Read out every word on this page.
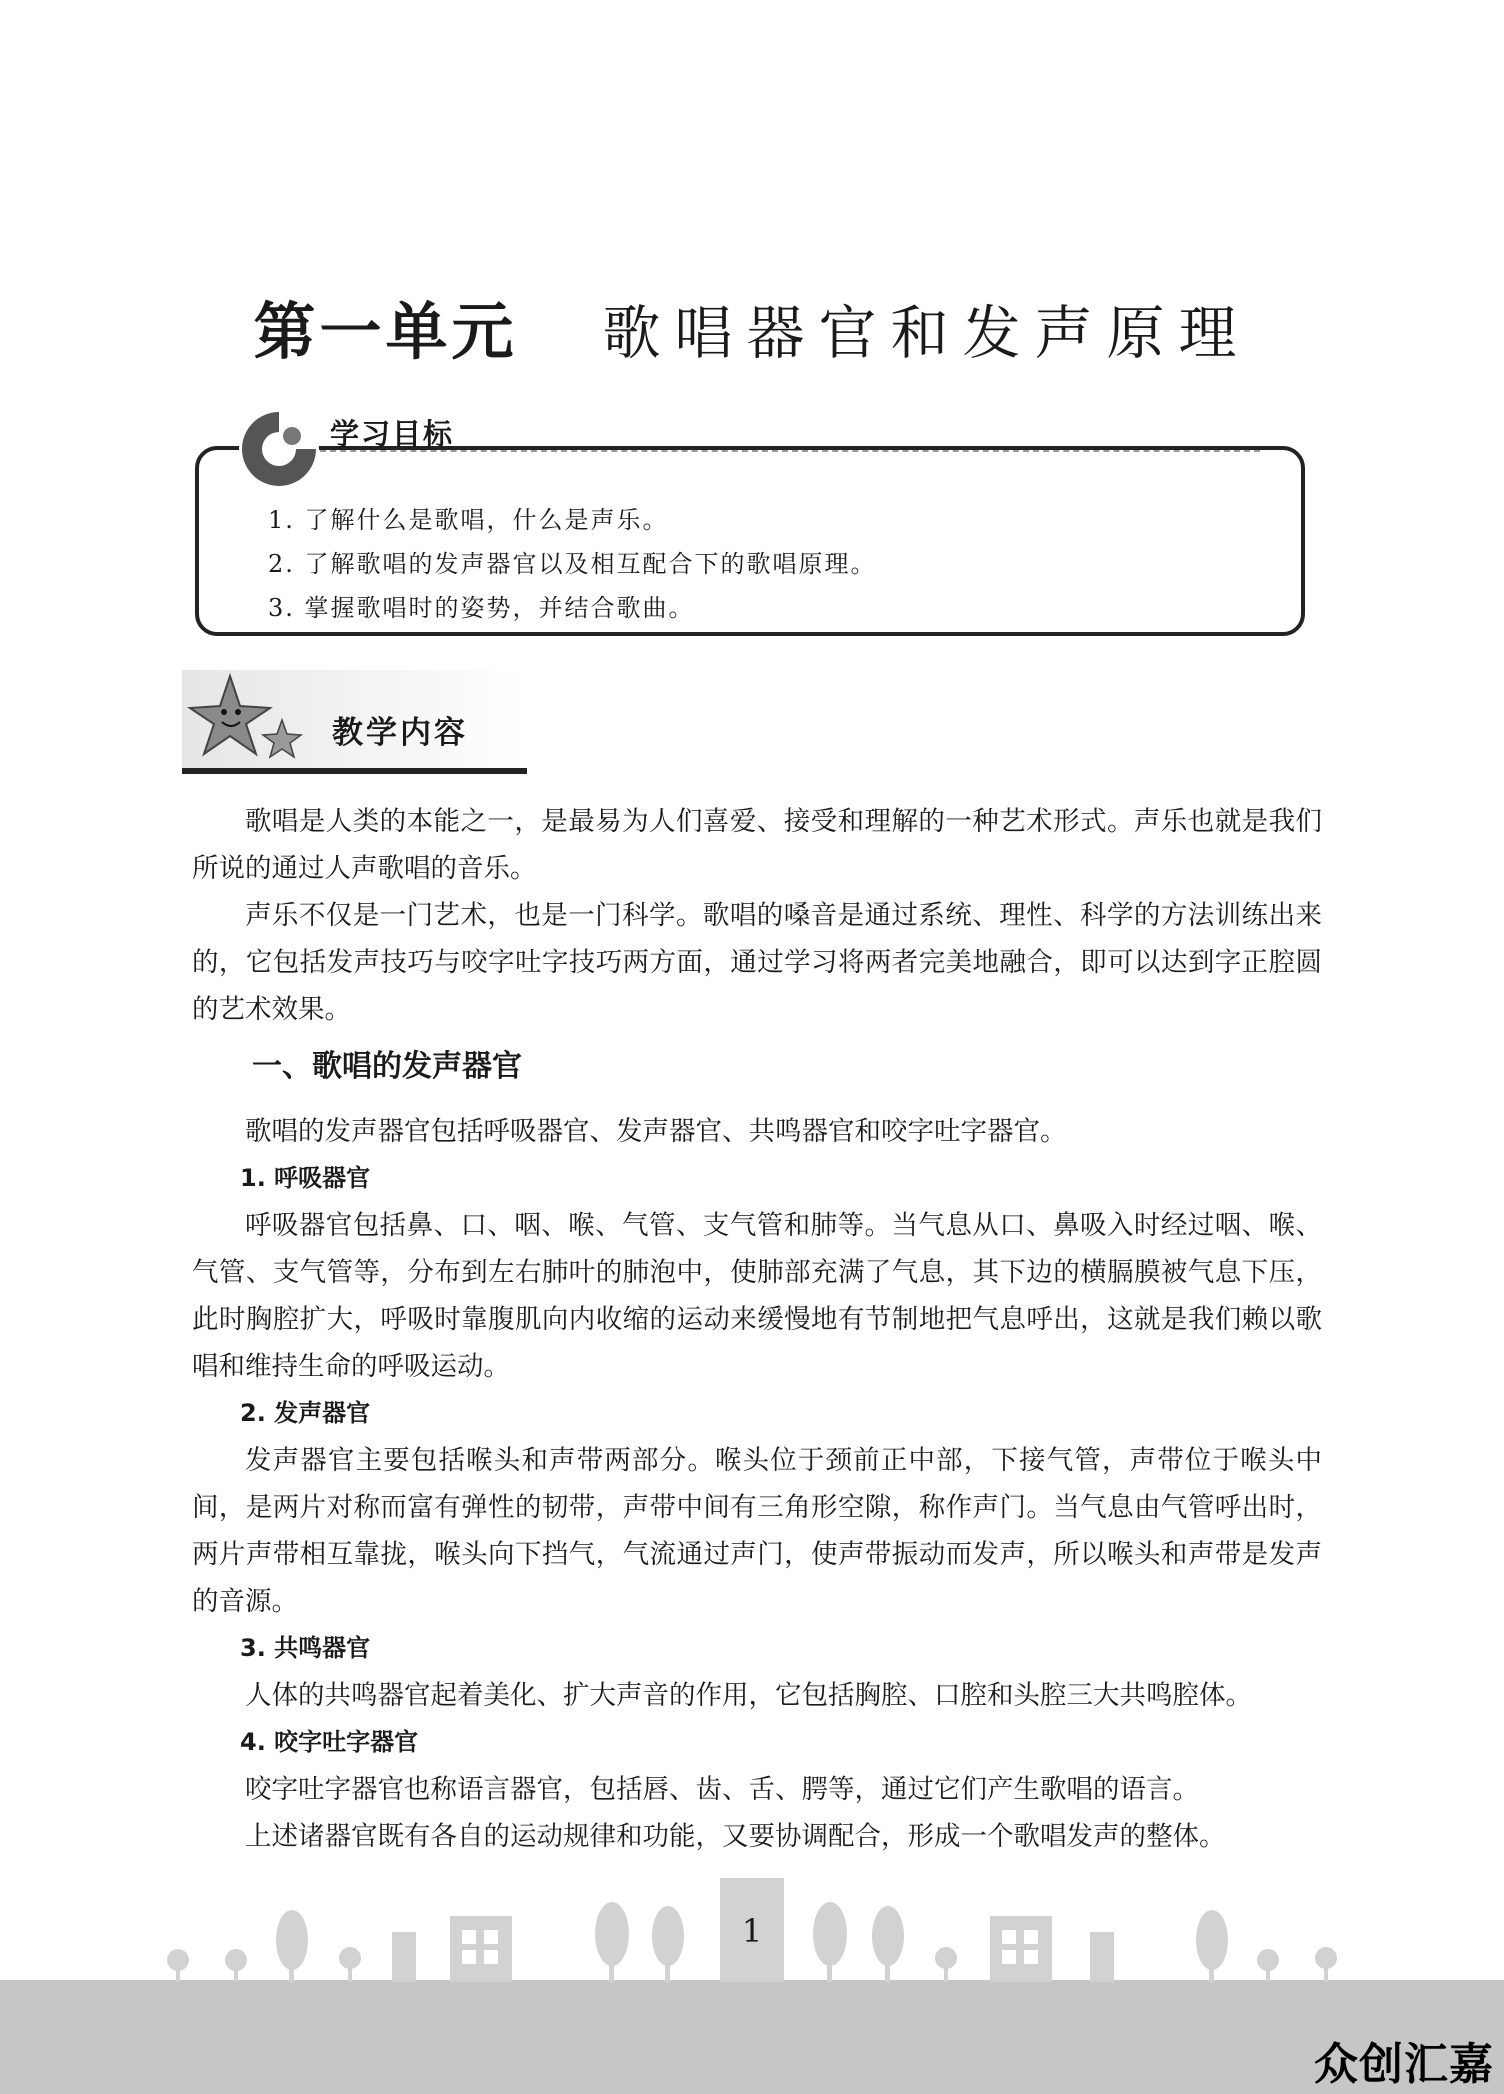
第一单元 歌唱器官和发声原理
学习目标
1. 了解什么是歌唱，什么是声乐。
2. 了解歌唱的发声器官以及相互配合下的歌唱原理。
3. 掌握歌唱时的姿势，并结合歌曲。
教学内容

歌唱是人类的本能之一，是最易为人们喜爱、接受和理解的一种艺术形式。声乐也就是我们所说的通过人声歌唱的音乐。

声乐不仅是一门艺术，也是一门科学。歌唱的嗓音是通过系统、理性、科学的方法训练出来的，它包括发声技巧与咬字吐字技巧两方面，通过学习将两者完美地融合，即可以达到字正腔圆的艺术效果。

一、歌唱的发声器官

歌唱的发声器官包括呼吸器官、发声器官、共鸣器官和咬字吐字器官。

1. 呼吸器官

呼吸器官包括鼻、口、咽、喉、气管、支气管和肺等。当气息从口、鼻吸入时经过咽、喉、气管、支气管等，分布到左右肺叶的肺泡中，使肺部充满了气息，其下边的横膈膜被气息下压，此时胸腔扩大，呼吸时靠腹肌向内收缩的运动来缓慢地有节制地把气息呼出，这就是我们赖以歌唱和维持生命的呼吸运动。

2. 发声器官

发声器官主要包括喉头和声带两部分。喉头位于颈前正中部，下接气管，声带位于喉头中间，是两片对称而富有弹性的韧带，声带中间有三角形空隙，称作声门。当气息由气管呼出时，两片声带相互靠拢，喉头向下挡气，气流通过声门，使声带振动而发声，所以喉头和声带是发声的音源。

3. 共鸣器官

人体的共鸣器官起着美化、扩大声音的作用，它包括胸腔、口腔和头腔三大共鸣腔体。

4. 咬字吐字器官

咬字吐字器官也称语言器官，包括唇、齿、舌、腭等，通过它们产生歌唱的语言。

上述诸器官既有各自的运动规律和功能，又要协调配合，形成一个歌唱发声的整体。

1
众创汇嘉
